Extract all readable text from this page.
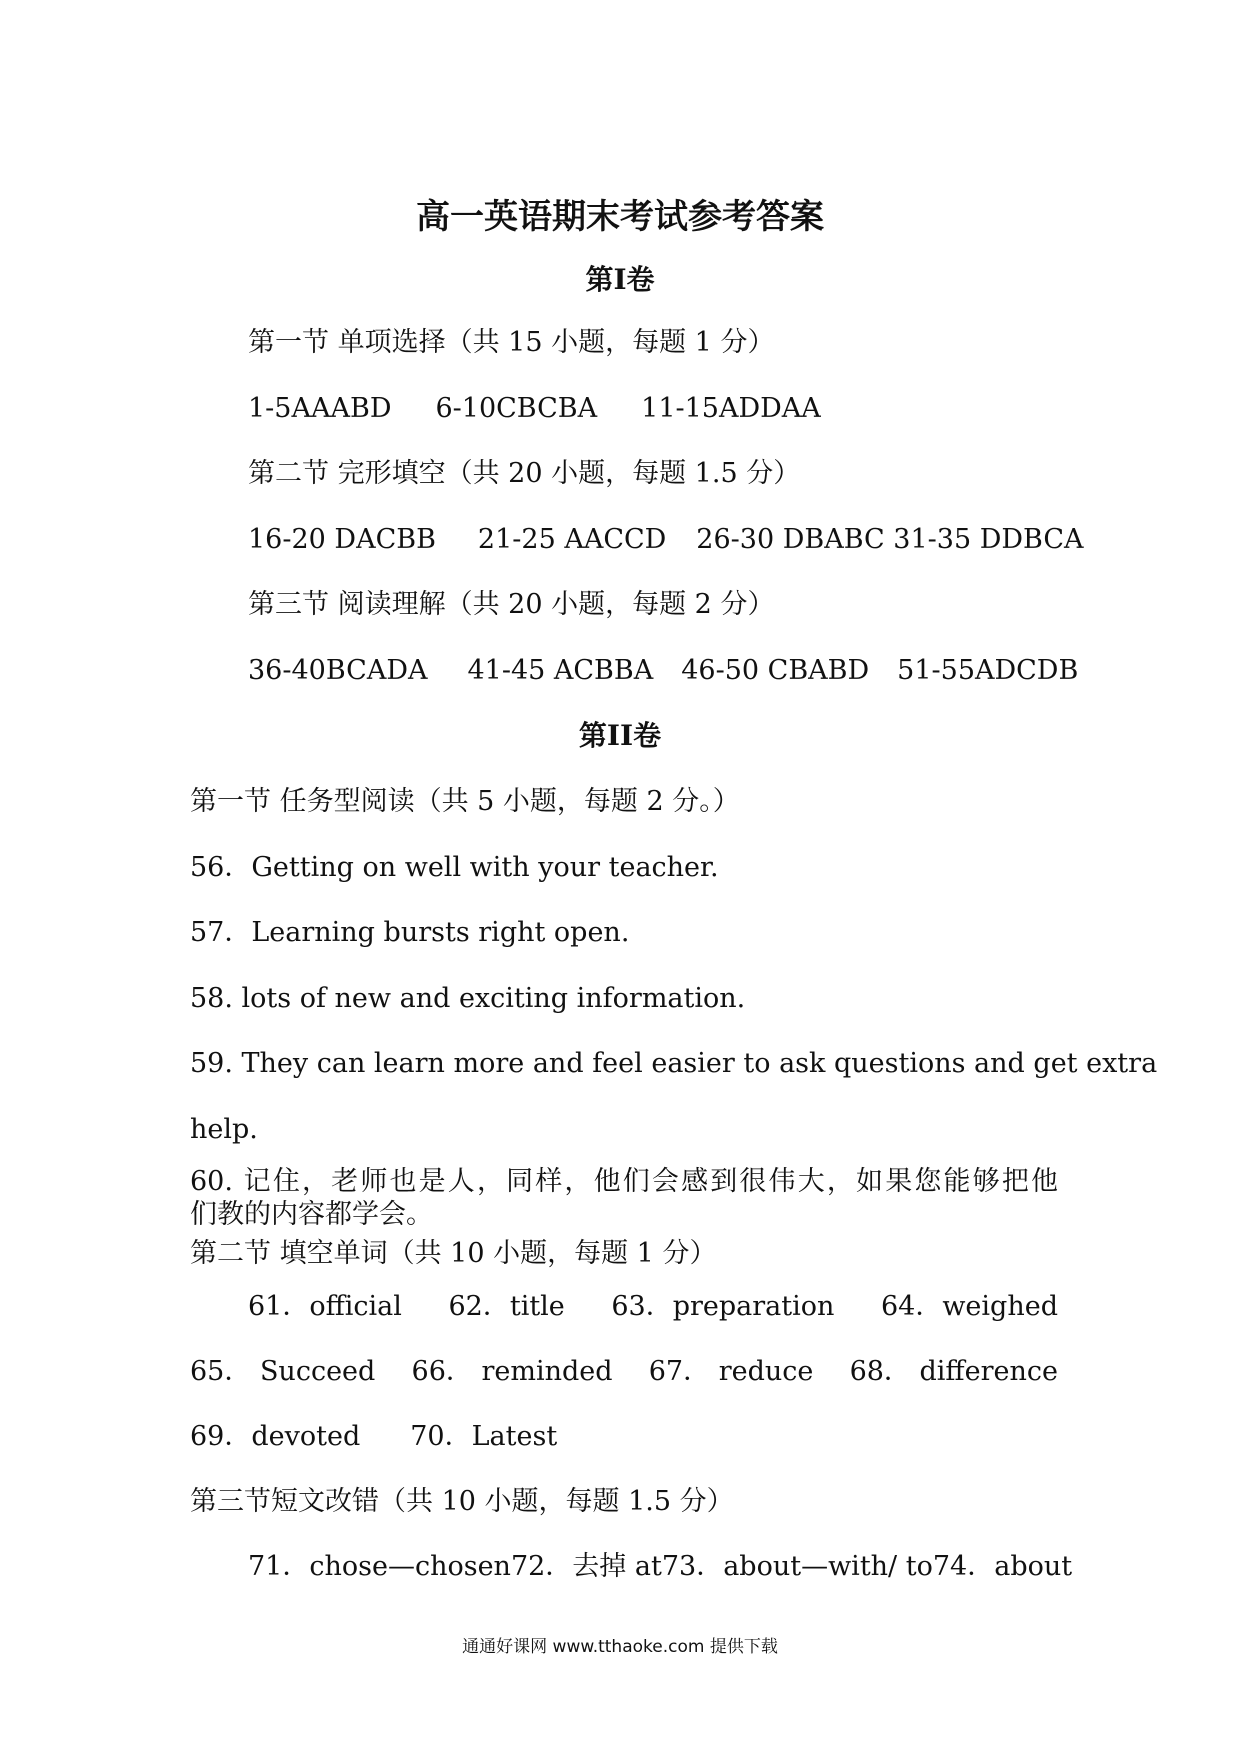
高一英语期末考试参考答案
第I卷
第一节 单项选择（共 15 小题，每题 1 分）
1-5AAABD 6-10CBCBA 11-15ADDAA
第二节 完形填空（共 20 小题，每题 1.5 分）
16-20 DACBB 21-25 AACCD 26-30 DBABC 31-35 DDBCA
第三节 阅读理解（共 20 小题，每题 2 分）
36-40BCADA 41-45 ACBBA 46-50 CBABD 51-55ADCDB
第II卷
第一节 任务型阅读（共 5 小题，每题 2 分。）
56．Getting on well with your teacher.
57．Learning bursts right open.
58. lots of new and exciting information.
59. They can learn more and feel easier to ask questions and get extra
help.
60. 记住，老师也是人，同样，他们会感到很伟大，如果您能够把他
们教的内容都学会。
第二节 填空单词（共 10 小题，每题 1 分）
61．official 62．title 63．preparation 64．weighed
65． Succeed 66． reminded 67． reduce 68． difference
69．devoted 70．Latest
第三节短文改错（共 10 小题，每题 1.5 分）
71．chose—chosen 72．去掉 at 73．about—with/ to 74．about
通通好课网 www.tthaoke.com 提供下载
